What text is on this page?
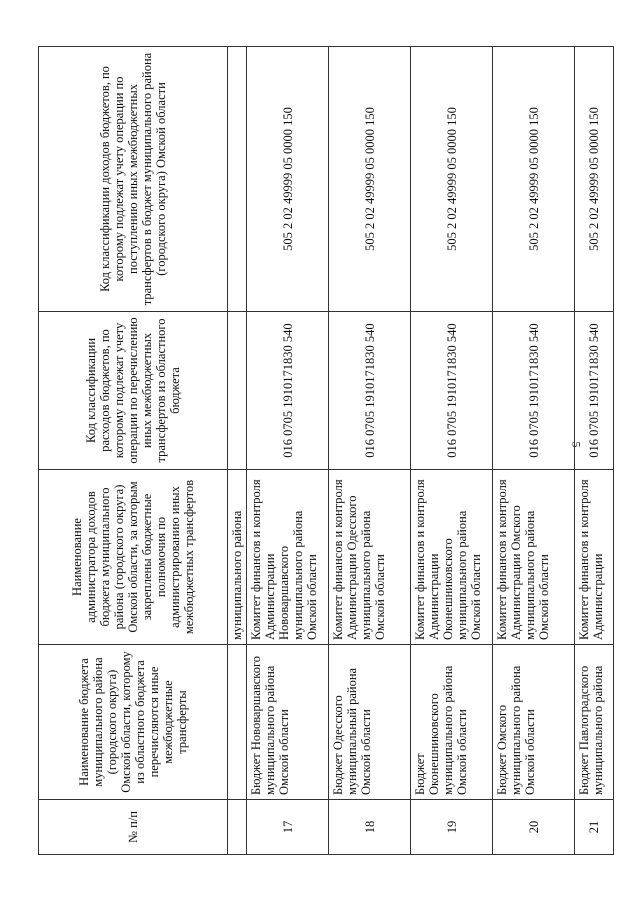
5
№ п/п	Наименование бюджета муниципального района (городского округа) Омской области, которому из областного бюджета перечисляются иные межбюджетные трансферты	Наименование администратора доходов бюджета муниципального района (городского округа) Омской области, за которым закреплены бюджетные полномочия по администрированию иных межбюджетных трансфертов	Код классификации расходов бюджетов, по которому подлежат учету операции по перечислению иных межбюджетных трансфертов из областного бюджета	Код классификации доходов бюджетов, по которому подлежат учету операции по поступлению иных межбюджетных трансфертов в бюджет муниципального района (городского округа) Омской области
		муниципального района		
17	Бюджет Нововаршавского муниципального района Омской области	Комитет финансов и контроля Администрации Нововаршавского муниципального района Омской области	016 0705 1910171830 540	505 2 02 49999 05 0000 150
18	Бюджет Одесского муниципальный района Омской области	Комитет финансов и контроля Администрации Одесского муниципального района Омской области	016 0705 1910171830 540	505 2 02 49999 05 0000 150
19	Бюджет Оконешниковского муниципального района Омской области	Комитет финансов и контроля Администрации Оконешниковского муниципального района Омской области	016 0705 1910171830 540	505 2 02 49999 05 0000 150
20	Бюджет Омского муниципального района Омской области	Комитет финансов и контроля Администрации Омского муниципального района Омской области	016 0705 1910171830 540	505 2 02 49999 05 0000 150
21	Бюджет Павлоградского муниципального района	Комитет финансов и контроля Администрации	016 0705 1910171830 540	505 2 02 49999 05 0000 150
